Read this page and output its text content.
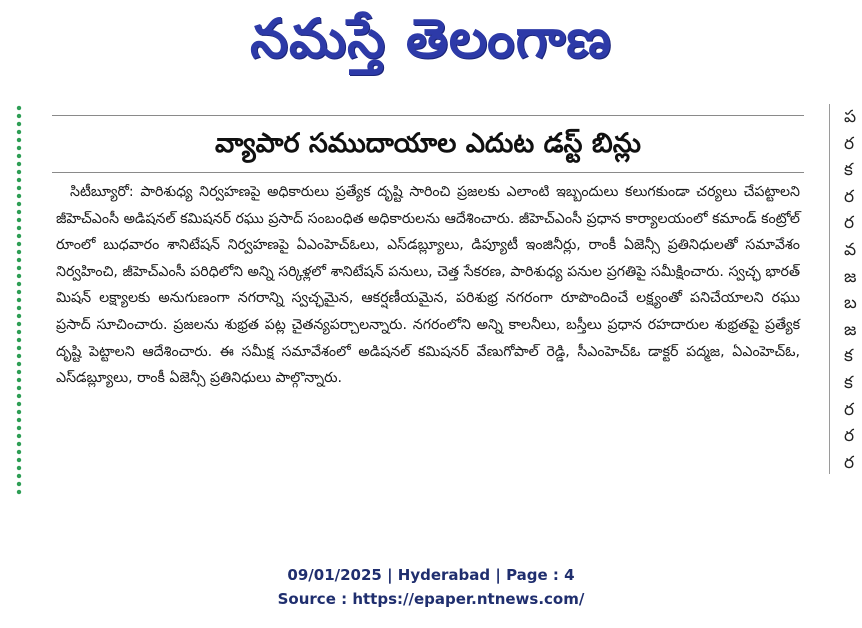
నమస్తే తెలంగాణ
వ్యాపార సముదాయాల ఎదుట డస్ట్ బిన్లు
సిటీబ్యూరో: పారిశుధ్య నిర్వహణపై అధికారులు ప్రత్యేక దృష్టి సారించి ప్రజలకు ఎలాంటి ఇబ్బందులు కలుగకుండా చర్యలు చేపట్టాలని జీహెచ్ఎంసీ అడిషనల్ కమిషనర్ రఘు ప్రసాద్ సంబంధిత అధికారులను ఆదేశించారు. జీహెచ్ఎంసీ ప్రధాన కార్యాలయంలో కమాండ్ కంట్రోల్ రూంలో బుధవారం శానిటేషన్ నిర్వహణపై ఏఎంహెచ్ఓలు, ఎస్‌డబ్ల్యూలు, డిప్యూటీ ఇంజినీర్లు, రాంకీ ఏజెన్సీ ప్రతినిధులతో సమావేశం నిర్వహించి, జీహెచ్ఎంసీ పరిధిలోని అన్ని సర్కిళ్లలో శానిటేషన్ పనులు, చెత్త సేకరణ, పారిశుధ్య పనుల ప్రగతిపై సమీక్షించారు. స్వచ్ఛ భారత్ మిషన్ లక్ష్యాలకు అనుగుణంగా నగరాన్ని స్వచ్ఛమైన, ఆకర్షణీయమైన, పరిశుభ్ర నగరంగా రూపొందించే లక్ష్యంతో పనిచేయాలని రఘు ప్రసాద్ సూచించారు. ప్రజలను శుభ్రత పట్ల చైతన్యపర్చాలన్నారు. నగరంలోని అన్ని కాలనీలు, బస్తీలు ప్రధాన రహదారుల శుభ్రతపై ప్రత్యేక దృష్టి పెట్టాలని ఆదేశించారు. ఈ సమీక్ష సమావేశంలో అడిషనల్ కమిషనర్ వేణుగోపాల్ రెడ్డి, సీఎంహెచ్ఓ డాక్టర్ పద్మజ, ఏఎంహెచ్ఓ, ఎస్‌డబ్ల్యూలు, రాంకీ ఏజెన్సీ ప్రతినిధులు పాల్గొన్నారు.
ప
ర
క
ర
ర
వ
జ
బ
జ
క
క
ర
ర
ర
09/01/2025 | Hyderabad | Page : 4
Source : https://epaper.ntnews.com/
